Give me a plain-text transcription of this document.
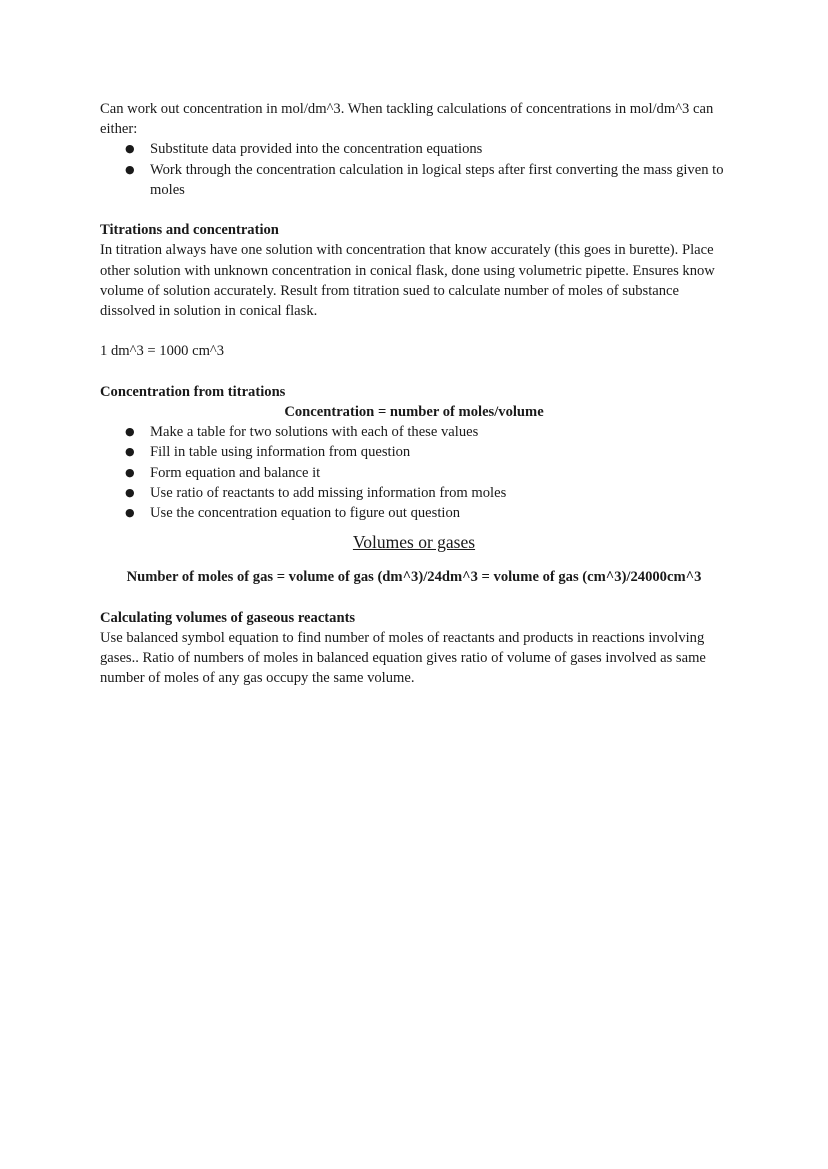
Can work out concentration in mol/dm^3. When tackling calculations of concentrations in mol/dm^3 can either:

● Substitute data provided into the concentration equations
● Work through the concentration calculation in logical steps after first converting the mass given to moles

Titrations and concentration

In titration always have one solution with concentration that know accurately (this goes in burette). Place other solution with unknown concentration in conical flask, done using volumetric pipette. Ensures know volume of solution accurately. Result from titration sued to calculate number of moles of substance dissolved in solution in conical flask.

1 dm^3 = 1000 cm^3

Concentration from titrations

Concentration = number of moles/volume

● Make a table for two solutions with each of these values
● Fill in table using information from question
● Form equation and balance it
● Use ratio of reactants to add missing information from moles
● Use the concentration equation to figure out question

Volumes or gases

Number of moles of gas = volume of gas (dm^3)/24dm^3 = volume of gas (cm^3)/24000cm^3

Calculating volumes of gaseous reactants

Use balanced symbol equation to find number of moles of reactants and products in reactions involving gases.. Ratio of numbers of moles in balanced equation gives ratio of volume of gases involved as same number of moles of any gas occupy the same volume.
